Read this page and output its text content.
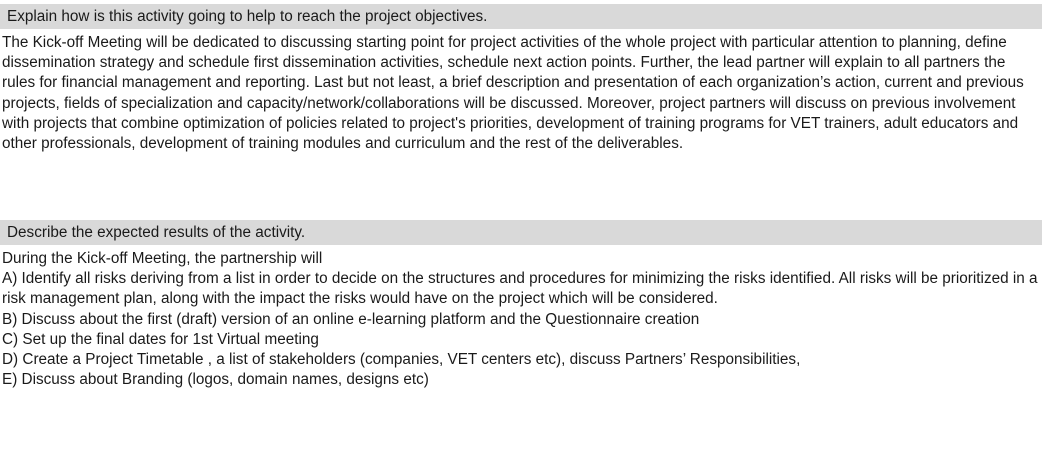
Explain how is this activity going to help to reach the project objectives.

The Kick-off Meeting will be dedicated to discussing starting point for project activities of the whole project with particular attention to planning, define dissemination strategy and schedule first dissemination activities, schedule next action points. Further, the lead partner will explain to all partners the rules for financial management and reporting. Last but not least, a brief description and presentation of each organization’s action, current and previous projects, fields of specialization and capacity/network/collaborations will be discussed. Moreover, project partners will discuss on previous involvement with projects that combine optimization of policies related to project's priorities, development of training programs for VET trainers, adult educators and other professionals, development of training modules and curriculum and the rest of the deliverables.

Describe the expected results of the activity.

During the Kick-off Meeting, the partnership will

A) Identify all risks deriving from a list in order to decide on the structures and procedures for minimizing the risks identified. All risks will be prioritized in a risk management plan, along with the impact the risks would have on the project which will be considered.

B) Discuss about the first (draft) version of an online e-learning platform and the Questionnaire creation

C) Set up the final dates for 1st Virtual meeting

D) Create a Project Timetable , a list of stakeholders (companies, VET centers etc), discuss Partners’ Responsibilities,

E) Discuss about Branding (logos, domain names, designs etc)
